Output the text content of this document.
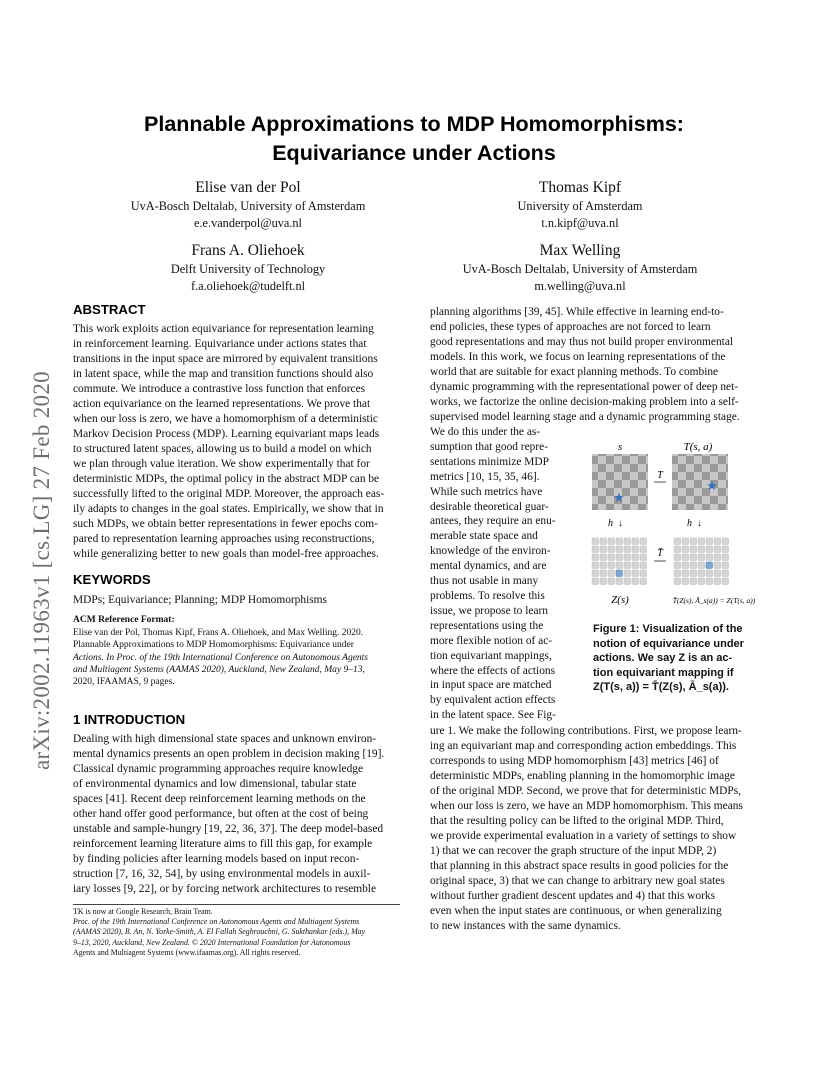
Plannable Approximations to MDP Homomorphisms:
Equivariance under Actions
arXiv:2002.11963v1 [cs.LG] 27 Feb 2020
Elise van der Pol
UvA-Bosch Deltalab, University of Amsterdam
e.e.vanderpol@uva.nl
Thomas Kipf
University of Amsterdam
t.n.kipf@uva.nl
Frans A. Oliehoek
Delft University of Technology
f.a.oliehoek@tudelft.nl
Max Welling
UvA-Bosch Deltalab, University of Amsterdam
m.welling@uva.nl
ABSTRACT
This work exploits action equivariance for representation learning
in reinforcement learning. Equivariance under actions states that
transitions in the input space are mirrored by equivalent transitions
in latent space, while the map and transition functions should also
commute. We introduce a contrastive loss function that enforces
action equivariance on the learned representations. We prove that
when our loss is zero, we have a homomorphism of a deterministic
Markov Decision Process (MDP). Learning equivariant maps leads
to structured latent spaces, allowing us to build a model on which
we plan through value iteration. We show experimentally that for
deterministic MDPs, the optimal policy in the abstract MDP can be
successfully lifted to the original MDP. Moreover, the approach eas-
ily adapts to changes in the goal states. Empirically, we show that in
such MDPs, we obtain better representations in fewer epochs com-
pared to representation learning approaches using reconstructions,
while generalizing better to new goals than model-free approaches.
KEYWORDS
MDPs; Equivariance; Planning; MDP Homomorphisms
ACM Reference Format:
Elise van der Pol, Thomas Kipf, Frans A. Oliehoek, and Max Welling. 2020.
Plannable Approximations to MDP Homomorphisms: Equivariance under
Actions. In Proc. of the 19th International Conference on Autonomous Agents
and Multiagent Systems (AAMAS 2020), Auckland, New Zealand, May 9–13,
2020, IFAAMAS, 9 pages.
1 INTRODUCTION
Dealing with high dimensional state spaces and unknown environ-
mental dynamics presents an open problem in decision making [19].
Classical dynamic programming approaches require knowledge
of environmental dynamics and low dimensional, tabular state
spaces [41]. Recent deep reinforcement learning methods on the
other hand offer good performance, but often at the cost of being
unstable and sample-hungry [19, 22, 36, 37]. The deep model-based
reinforcement learning literature aims to fill this gap, for example
by finding policies after learning models based on input recon-
struction [7, 16, 32, 54], by using environmental models in auxil-
iary losses [9, 22], or by forcing network architectures to resemble
TK is now at Google Research, Brain Team.
Proc. of the 19th International Conference on Autonomous Agents and Multiagent Systems
(AAMAS 2020), B. An, N. Yorke-Smith, A. El Fallah Seghrouchni, G. Sukthankar (eds.), May
9–13, 2020, Auckland, New Zealand. © 2020 International Foundation for Autonomous
Agents and Multiagent Systems (www.ifaamas.org). All rights reserved.
planning algorithms [39, 45]. While effective in learning end-to-
end policies, these types of approaches are not forced to learn
good representations and may thus not build proper environmental
models. In this work, we focus on learning representations of the
world that are suitable for exact planning methods. To combine
dynamic programming with the representational power of deep net-
works, we factorize the online decision-making problem into a self-
supervised model learning stage and a dynamic programming stage.
We do this under the as-
sumption that good repre-
sentations minimize MDP
metrics [10, 15, 35, 46].
While such metrics have
desirable theoretical guar-
antees, they require an enu-
merable state space and
knowledge of the environ-
mental dynamics, and are
thus not usable in many
problems. To resolve this
issue, we propose to learn
representations using the
more flexible notion of ac-
tion equivariant mappings,
where the effects of actions
in input space are matched
by equivalent action effects
in the latent space. See Fig-
s	T(s, a)
★
T
★
h ↓	h ↓
T̄
Z(s)	T̄(Z(s), Ā_s(a)) = Z(T(s, a))
Figure 1: Visualization of the
notion of equivariance under
actions. We say Z is an ac-
tion equivariant mapping if
Z(T(s, a)) = T̄(Z(s), Ā_s(a)).
ure 1. We make the following contributions. First, we propose learn-
ing an equivariant map and corresponding action embeddings. This
corresponds to using MDP homomorphism [43] metrics [46] of
deterministic MDPs, enabling planning in the homomorphic image
of the original MDP. Second, we prove that for deterministic MDPs,
when our loss is zero, we have an MDP homomorphism. This means
that the resulting policy can be lifted to the original MDP. Third,
we provide experimental evaluation in a variety of settings to show
1) that we can recover the graph structure of the input MDP, 2)
that planning in this abstract space results in good policies for the
original space, 3) that we can change to arbitrary new goal states
without further gradient descent updates and 4) that this works
even when the input states are continuous, or when generalizing
to new instances with the same dynamics.
